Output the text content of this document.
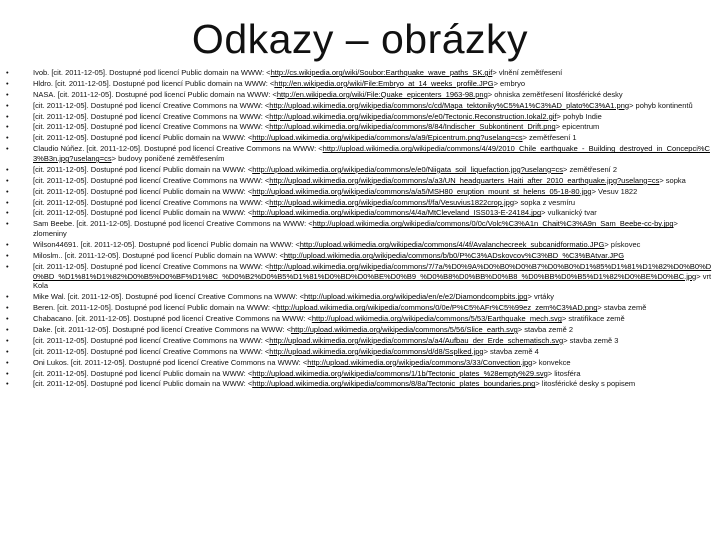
Odkazy – obrázky
•	Ivob. [cit. 2011-12-05]. Dostupné pod licencí Public domain na WWW: <http://cs.wikipedia.org/wiki/Soubor:Earthquake_wave_paths_SK.gif> vlnění zemětřesení
•	Hldro. [cit. 2011-12-05]. Dostupné pod licencí Public domain na WWW: <http://en.wikipedia.org/wiki/File:Embryo_at_14_weeks_profile.JPG> embryo
•	NASA. [cit. 2011-12-05]. Dostupné pod licencí Public domain na WWW: <http://en.wikipedia.org/wiki/File:Quake_epicenters_1963-98.png> ohniska zemětřesení litosférické desky
•	[cit. 2011-12-05]. Dostupné pod licencí Creative Commons na WWW: <http://upload.wikimedia.org/wikipedia/commons/c/cd/Mapa_tektoniky%C5%A1%C3%AD_plato%C3%A1.png> pohyb kontinentů
•	[cit. 2011-12-05]. Dostupné pod licencí Creative Commons na WWW: <http://upload.wikimedia.org/wikipedia/commons/e/e0/Tectonic.Reconstruction.Iokal2.gif> pohyb Indie
•	[cit. 2011-12-05]. Dostupné pod licencí Creative Commons na WWW: <http://upload.wikimedia.org/wikipedia/commons/8/84/Indischer_Subkontinent_Drift.png> epicentrum
•	[cit. 2011-12-05]. Dostupné pod licencí Public domain na WWW: <http://upload.wikimedia.org/wikipedia/commons/a/a9/Epicentrum.png?uselang=cs> zemětřesení 1
•	Claudio Núñez. [cit. 2011-12-05]. Dostupné pod licencí Creative Commons na WWW: <http://upload.wikimedia.org/wikipedia/commons/4/49/2010_Chile_earthquake_-_Building_destroyed_in_Concepci%C3%B3n.jpg?uselang=cs> budovy poničené zemětřesením
•	[cit. 2011-12-05]. Dostupné pod licencí Public domain na WWW: <http://upload.wikimedia.org/wikipedia/commons/e/e0/Niigata_soil_liquefaction.jpg?uselang=cs> zemětřesení 2
•	[cit. 2011-12-05]. Dostupné pod licencí Creative Commons na WWW: <http://upload.wikimedia.org/wikipedia/commons/a/a3/UN_headquarters_Haiti_after_2010_earthquake.jpg?uselang=cs> sopka
•	[cit. 2011-12-05]. Dostupné pod licencí Public domain na WWW: <http://upload.wikimedia.org/wikipedia/commons/a/a5/MSH80_eruption_mount_st_helens_05-18-80.jpg> Vesuv 1822
•	[cit. 2011-12-05]. Dostupné pod licencí Creative Commons na WWW: <http://upload.wikimedia.org/wikipedia/commons/f/fa/Vesuvius1822crop.jpg> sopka z vesmíru
•	[cit. 2011-12-05]. Dostupné pod licencí Public domain na WWW: <http://upload.wikimedia.org/wikipedia/commons/4/4a/MtCleveland_ISS013-E-24184.jpg> vulkanický tvar
•	Sam Beebe. [cit. 2011-12-05]. Dostupné pod licencí Creative Commons na WWW: <http://upload.wikimedia.org/wikipedia/commons/0/0c/Volc%C3%A1n_Chait%C3%A9n_Sam_Beebe-cc-by.jpg> zlomeniny
•	Wilson44691. [cit. 2011-12-05]. Dostupné pod licencí Public domain na WWW: <http://upload.wikimedia.org/wikipedia/commons/4/4f/Avalanchecreek_subcanidformatio.JPG> pískovec
•	Miloslm.. [cit. 2011-12-05]. Dostupné pod licencí Public domain na WWW: <http://upload.wikimedia.org/wikipedia/commons/b/b0/P%C3%ADskovcov%C3%BD_%C3%BAtvar.JPG
•	[cit. 2011-12-05]. Dostupné pod licencí Creative Commons na WWW: <http://upload.wikimedia.org/wikipedia/commons/7/7a/%D0%9A%D0%B0%D0%B7%D0%B0%D1%85%D1%81%D1%82%D0%B0%D0%BD_%D1%81%D1%82%D0%B5%D0%BF%D1%8C_%D0%B2%D0%B5%D1%81%D0%BD%D0%BE%D0%B9_%D0%B8%D0%BB%D0%B8_%D0%BB%D0%B5%D1%82%D0%BE%D0%BC.jpg> vrt Kola
•	Mike Wal. [cit. 2011-12-05]. Dostupné pod licencí Creative Commons na WWW: <http://upload.wikimedia.org/wikipedia/en/e/e2/Diamondcompbits.jpg> vrtáky
•	Beren. [cit. 2011-12-05]. Dostupné pod licencí Public domain na WWW: <http://upload.wikimedia.org/wikipedia/commons/0/0e/P%C5%AFr%C5%99ez_zem%C3%AD.png> stavba země
•	Chabacano. [cit. 2011-12-05]. Dostupné pod licencí Creative Commons na WWW: <http://upload.wikimedia.org/wikipedia/commons/5/53/Earthquake_mech.svg> stratifikace země
•	Dake. [cit. 2011-12-05]. Dostupné pod licencí Creative Commons na WWW: <http://upload.wikimedia.org/wikipedia/commons/5/56/Slice_earth.svg> stavba země 2
•	[cit. 2011-12-05]. Dostupné pod licencí Creative Commons na WWW: <http://upload.wikimedia.org/wikipedia/commons/a/a4/Aufbau_der_Erde_schematisch.svg> stavba země 3
•	[cit. 2011-12-05]. Dostupné pod licencí Creative Commons na WWW: <http://upload.wikimedia.org/wikipedia/commons/d/d8/Ssplked.jpg> stavba země 4
•	Oni Lukos. [cit. 2011-12-05]. Dostupné pod licencí Creative Commons na WWW: <http://upload.wikimedia.org/wikipedia/commons/3/33/Convection.jpg> konvekce
•	[cit. 2011-12-05]. Dostupné pod licencí Public domain na WWW: <http://upload.wikimedia.org/wikipedia/commons/1/1b/Tectonic_plates_%28empty%29.svg> litosféra
•	[cit. 2011-12-05]. Dostupné pod licencí Public domain na WWW: <http://upload.wikimedia.org/wikipedia/commons/8/8a/Tectonic_plates_boundaries.png> litosférické desky s popisem
